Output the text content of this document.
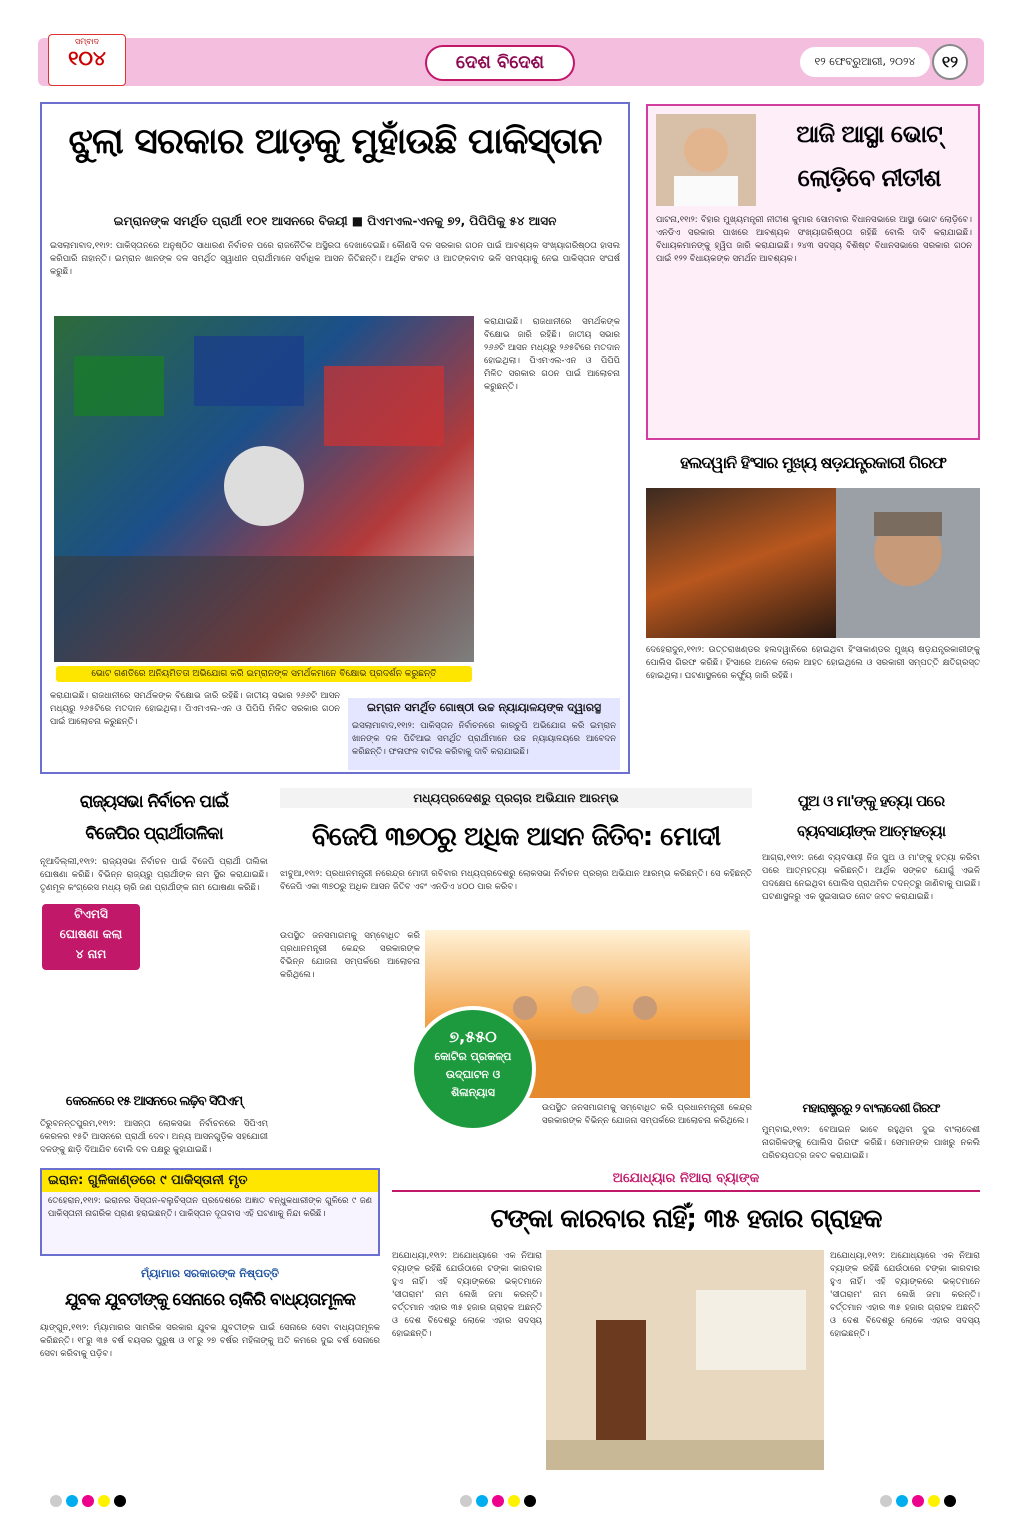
ସମ୍ବାଦ
୧୦୪	ଦେଶ ବିଦେଶ	୧୨ ଫେବ୍ରୁଆରୀ, ୨୦୨୪	୧୨
ଝୁଲା ସରକାର ଆଡ଼କୁ ମୁହାଁଉଛି ପାକିସ୍ତାନ
ଇମ୍ରାନଙ୍କ ସମର୍ଥିତ ପ୍ରାର୍ଥୀ ୧୦୧ ଆସନରେ ବିଜୟୀ ■ ପିଏମଏଲ-ଏନକୁ ୭୨, ପିପିପିକୁ ୫୪ ଆସନ
ଇସଲାମାବାଦ,୧୧ା୨: ପାକିସ୍ତାନରେ ଅନୁଷ୍ଠିତ ସାଧାରଣ ନିର୍ବାଚନ ପରେ ରାଜନୈତିକ ଅସ୍ଥିରତା ଦେଖାଦେଇଛି। କୌଣସି ଦଳ ସରକାର ଗଠନ ପାଇଁ ଆବଶ୍ୟକ ସଂଖ୍ୟାଗରିଷ୍ଠତା ହାସଲ କରିପାରି ନାହାନ୍ତି। ଇମ୍ରାନ ଖାନଙ୍କ ଦଳ ସମର୍ଥିତ ସ୍ୱାଧୀନ ପ୍ରାର୍ଥୀମାନେ ସର୍ବାଧିକ ଆସନ ଜିତିଛନ୍ତି। ଆର୍ଥିକ ସଂକଟ ଓ ଆତଙ୍କବାଦ ଭଳି ସମସ୍ୟାକୁ ନେଇ ପାକିସ୍ତାନ ସଂଘର୍ଷ କରୁଛି।
ଭୋଟ ଗଣତିରେ ଅନିୟମିତତା ଅଭିଯୋଗ କରି ଇମ୍ରାନଙ୍କ ସମର୍ଥକମାନେ ବିକ୍ଷୋଭ ପ୍ରଦର୍ଶନ କରୁଛନ୍ତି
କରାଯାଇଛି। ରାଜଧାନୀରେ ସମର୍ଥକଙ୍କ ବିକ୍ଷୋଭ ଜାରି ରହିଛି। ଜାତୀୟ ସଭାର ୨୬୬ଟି ଆସନ ମଧ୍ୟରୁ ୨୬୫ଟିରେ ମତଦାନ ହୋଇଥିଲା। ପିଏମଏଲ-ଏନ ଓ ପିପିପି ମିଳିତ ସରକାର ଗଠନ ପାଇଁ ଆଲୋଚନା କରୁଛନ୍ତି।
କରାଯାଇଛି। ରାଜଧାନୀରେ ସମର୍ଥକଙ୍କ ବିକ୍ଷୋଭ ଜାରି ରହିଛି। ଜାତୀୟ ସଭାର ୨୬୬ଟି ଆସନ ମଧ୍ୟରୁ ୨୬୫ଟିରେ ମତଦାନ ହୋଇଥିଲା। ପିଏମଏଲ-ଏନ ଓ ପିପିପି ମିଳିତ ସରକାର ଗଠନ ପାଇଁ ଆଲୋଚନା କରୁଛନ୍ତି।
ଇମ୍ରାନ ସମର୍ଥିତ ଗୋଷ୍ଠୀ ଉଚ୍ଚ ନ୍ୟାୟାଳୟଙ୍କ ଦ୍ୱାରସ୍ଥ
ଇସଲାମାବାଦ,୧୧ା୨: ପାକିସ୍ତାନ ନିର୍ବାଚନରେ କାରଚୁପି ଅଭିଯୋଗ କରି ଇମ୍ରାନ ଖାନଙ୍କ ଦଳ ପିଟିଆଇ ସମର୍ଥିତ ପ୍ରାର୍ଥୀମାନେ ଉଚ୍ଚ ନ୍ୟାୟାଳୟରେ ଆବେଦନ କରିଛନ୍ତି। ଫଳାଫଳ ବାତିଲ କରିବାକୁ ଦାବି କରାଯାଇଛି।
ଆଜି ଆସ୍ଥା ଭୋଟ୍
ଲୋଡ଼ିବେ ନୀତୀଶ
ପାଟନା,୧୧ା୨: ବିହାର ମୁଖ୍ୟମନ୍ତ୍ରୀ ନୀତୀଶ କୁମାର ସୋମବାର ବିଧାନସଭାରେ ଆସ୍ଥା ଭୋଟ ଲୋଡ଼ିବେ। ଏନଡିଏ ସରକାର ପାଖରେ ଆବଶ୍ୟକ ସଂଖ୍ୟାଗରିଷ୍ଠତା ରହିଛି ବୋଲି ଦାବି କରାଯାଇଛି। ବିଧାୟକମାନଙ୍କୁ ହ୍ୱିପ ଜାରି କରାଯାଇଛି। ୨୪୩ ସଦସ୍ୟ ବିଶିଷ୍ଟ ବିଧାନସଭାରେ ସରକାର ଗଠନ ପାଇଁ ୧୨୨ ବିଧାୟକଙ୍କ ସମର୍ଥନ ଆବଶ୍ୟକ।
ହଲଦୱାନି ହିଂସାର ମୁଖ୍ୟ ଷଡ଼ଯନ୍ତ୍ରକାରୀ ଗିରଫ
ଦେହେରାଦୁନ,୧୧ା୨: ଉତ୍ତରାଖଣ୍ଡର ହଲଦୱାନିରେ ହୋଇଥିବା ହିଂସାକାଣ୍ଡର ମୁଖ୍ୟ ଷଡ଼ଯନ୍ତ୍ରକାରୀଙ୍କୁ ପୋଲିସ ଗିରଫ କରିଛି। ହିଂସାରେ ଅନେକ ଲୋକ ଆହତ ହୋଇଥିଲେ ଓ ସରକାରୀ ସମ୍ପତ୍ତି କ୍ଷତିଗ୍ରସ୍ତ ହୋଇଥିଲା। ଘଟଣାସ୍ଥଳରେ କର୍ଫ୍ୟୁ ଜାରି ରହିଛି।
ରାଜ୍ୟସଭା ନିର୍ବାଚନ ପାଇଁ
ବିଜେପିର ପ୍ରାର୍ଥୀତାଳିକା
ନୂଆଦିଲ୍ଲୀ,୧୧ା୨: ରାଜ୍ୟସଭା ନିର୍ବାଚନ ପାଇଁ ବିଜେପି ପ୍ରାର୍ଥୀ ତାଲିକା ଘୋଷଣା କରିଛି। ବିଭିନ୍ନ ରାଜ୍ୟରୁ ପ୍ରାର୍ଥୀଙ୍କ ନାମ ସ୍ଥିର କରାଯାଇଛି। ତୃଣମୂଳ କଂଗ୍ରେସ ମଧ୍ୟ ଚାରି ଜଣ ପ୍ରାର୍ଥୀଙ୍କ ନାମ ଘୋଷଣା କରିଛି।
ଟିଏମସି
ଘୋଷଣା କଲା
୪ ନାମ
କେରଳରେ ୧୫ ଆସନରେ ଲଢ଼ିବ ସିପିଏମ୍
ତିରୁବନନ୍ତପୁରମ,୧୧ା୨: ଆସନ୍ତା ଲୋକସଭା ନିର୍ବାଚନରେ ସିପିଏମ୍ କେରଳର ୧୫ଟି ଆସନରେ ପ୍ରାର୍ଥୀ ଦେବ। ଅନ୍ୟ ଆସନଗୁଡ଼ିକ ସହଯୋଗୀ ଦଳଙ୍କୁ ଛାଡ଼ି ଦିଆଯିବ ବୋଲି ଦଳ ପକ୍ଷରୁ କୁହାଯାଇଛି।
ମଧ୍ୟପ୍ରଦେଶରୁ ପ୍ରଚାର ଅଭିଯାନ ଆରମ୍ଭ
ବିଜେପି ୩୭୦ରୁ ଅଧିକ ଆସନ ଜିତିବ: ମୋଦୀ
ଝାବୁଆ,୧୧ା୨: ପ୍ରଧାନମନ୍ତ୍ରୀ ନରେନ୍ଦ୍ର ମୋଦୀ ରବିବାର ମଧ୍ୟପ୍ରଦେଶରୁ ଲୋକସଭା ନିର୍ବାଚନ ପ୍ରଚାର ଅଭିଯାନ ଆରମ୍ଭ କରିଛନ୍ତି। ସେ କହିଛନ୍ତି ବିଜେପି ଏକା ୩୭୦ରୁ ଅଧିକ ଆସନ ଜିତିବ ଏବଂ ଏନଡିଏ ୪୦୦ ପାର କରିବ।
ଉପସ୍ଥିତ ଜନସମାଗମକୁ ସମ୍ବୋଧିତ କରି ପ୍ରଧାନମନ୍ତ୍ରୀ କେନ୍ଦ୍ର ସରକାରଙ୍କ ବିଭିନ୍ନ ଯୋଜନା ସମ୍ପର୍କରେ ଆଲୋଚନା କରିଥିଲେ।
୭,୫୫୦
କୋଟିର ପ୍ରକଳ୍ପ
ଉଦ୍‌ଘାଟନ ଓ
ଶିଳାନ୍ୟାସ
ଉପସ୍ଥିତ ଜନସମାଗମକୁ ସମ୍ବୋଧିତ କରି ପ୍ରଧାନମନ୍ତ୍ରୀ କେନ୍ଦ୍ର ସରକାରଙ୍କ ବିଭିନ୍ନ ଯୋଜନା ସମ୍ପର୍କରେ ଆଲୋଚନା କରିଥିଲେ।
ପୁଅ ଓ ମା'ଙ୍କୁ ହତ୍ୟା ପରେ
ବ୍ୟବସାୟୀଙ୍କ ଆତ୍ମହତ୍ୟା
ଆଗ୍ରା,୧୧ା୨: ଜଣେ ବ୍ୟବସାୟୀ ନିଜ ପୁଅ ଓ ମା'ଙ୍କୁ ହତ୍ୟା କରିବା ପରେ ଆତ୍ମହତ୍ୟା କରିଛନ୍ତି। ଆର୍ଥିକ ସଙ୍କଟ ଯୋଗୁଁ ଏଭଳି ପଦକ୍ଷେପ ନେଇଥିବା ପୋଲିସ ପ୍ରାଥମିକ ତଦନ୍ତରୁ ଜାଣିବାକୁ ପାଇଛି। ଘଟଣାସ୍ଥଳରୁ ଏକ ସୁଇସାଇଡ ନୋଟ ଜବତ କରାଯାଇଛି।
ମହାରାଷ୍ଟ୍ରରୁ ୨ ବାଂଲାଦେଶୀ ଗିରଫ
ମୁମ୍ବାଇ,୧୧ା୨: ବେଆଇନ ଭାବେ ରହୁଥିବା ଦୁଇ ବାଂଲାଦେଶୀ ନାଗରିକଙ୍କୁ ପୋଲିସ ଗିରଫ କରିଛି। ସେମାନଙ୍କ ପାଖରୁ ନକଲି ପରିଚୟପତ୍ର ଜବତ କରାଯାଇଛି।
ଇରାନ: ଗୁଳିକାଣ୍ଡରେ ୯ ପାକିସ୍ତାନୀ ମୃତ
ତେହେରାନ,୧୧ା୨: ଇରାନର ସିସ୍ତାନ-ବଲୁଚିସ୍ତାନ ପ୍ରଦେଶରେ ଅଜ୍ଞାତ ବନ୍ଧୁକଧାରୀଙ୍କ ଗୁଳିରେ ୯ ଜଣ ପାକିସ୍ତାନୀ ନାଗରିକ ପ୍ରାଣ ହରାଇଛନ୍ତି। ପାକିସ୍ତାନ ଦୂତାବାସ ଏହି ଘଟଣାକୁ ନିନ୍ଦା କରିଛି।
ମ୍ୟାଁମାର ସରକାରଙ୍କ ନିଷ୍ପତ୍ତି
ଯୁବକ ଯୁବତୀଙ୍କୁ ସେନାରେ ଚାକିରି ବାଧ୍ୟତାମୂଳକ
ୟାଙ୍ଗୁନ,୧୧ା୨: ମ୍ୟାଁମାରର ସାମରିକ ସରକାର ଯୁବକ ଯୁବତୀଙ୍କ ପାଇଁ ସେନାରେ ସେବା ବାଧ୍ୟତାମୂଳକ କରିଛନ୍ତି। ୧୮ରୁ ୩୫ ବର୍ଷ ବୟସର ପୁରୁଷ ଓ ୧୮ରୁ ୨୭ ବର୍ଷର ମହିଳାଙ୍କୁ ଅତି କମରେ ଦୁଇ ବର୍ଷ ସେନାରେ ସେବା କରିବାକୁ ପଡ଼ିବ।
ଅଯୋଧ୍ୟାର ନିଆରା ବ୍ୟାଙ୍କ
ଟଙ୍କା କାରବାର ନାହିଁ; ୩୫ ହଜାର ଗ୍ରାହକ
ଅଯୋଧ୍ୟା,୧୧ା୨: ଅଯୋଧ୍ୟାରେ ଏକ ନିଆରା ବ୍ୟାଙ୍କ ରହିଛି ଯେଉଁଠାରେ ଟଙ୍କା କାରବାର ହୁଏ ନାହିଁ। ଏହି ବ୍ୟାଙ୍କରେ ଭକ୍ତମାନେ 'ସୀତାରାମ' ନାମ ଲେଖି ଜମା କରନ୍ତି। ବର୍ତ୍ତମାନ ଏହାର ୩୫ ହଜାର ଗ୍ରାହକ ଅଛନ୍ତି ଓ ଦେଶ ବିଦେଶରୁ ଲୋକେ ଏହାର ସଦସ୍ୟ ହୋଇଛନ୍ତି।
ଅଯୋଧ୍ୟା,୧୧ା୨: ଅଯୋଧ୍ୟାରେ ଏକ ନିଆରା ବ୍ୟାଙ୍କ ରହିଛି ଯେଉଁଠାରେ ଟଙ୍କା କାରବାର ହୁଏ ନାହିଁ। ଏହି ବ୍ୟାଙ୍କରେ ଭକ୍ତମାନେ 'ସୀତାରାମ' ନାମ ଲେଖି ଜମା କରନ୍ତି। ବର୍ତ୍ତମାନ ଏହାର ୩୫ ହଜାର ଗ୍ରାହକ ଅଛନ୍ତି ଓ ଦେଶ ବିଦେଶରୁ ଲୋକେ ଏହାର ସଦସ୍ୟ ହୋଇଛନ୍ତି।
